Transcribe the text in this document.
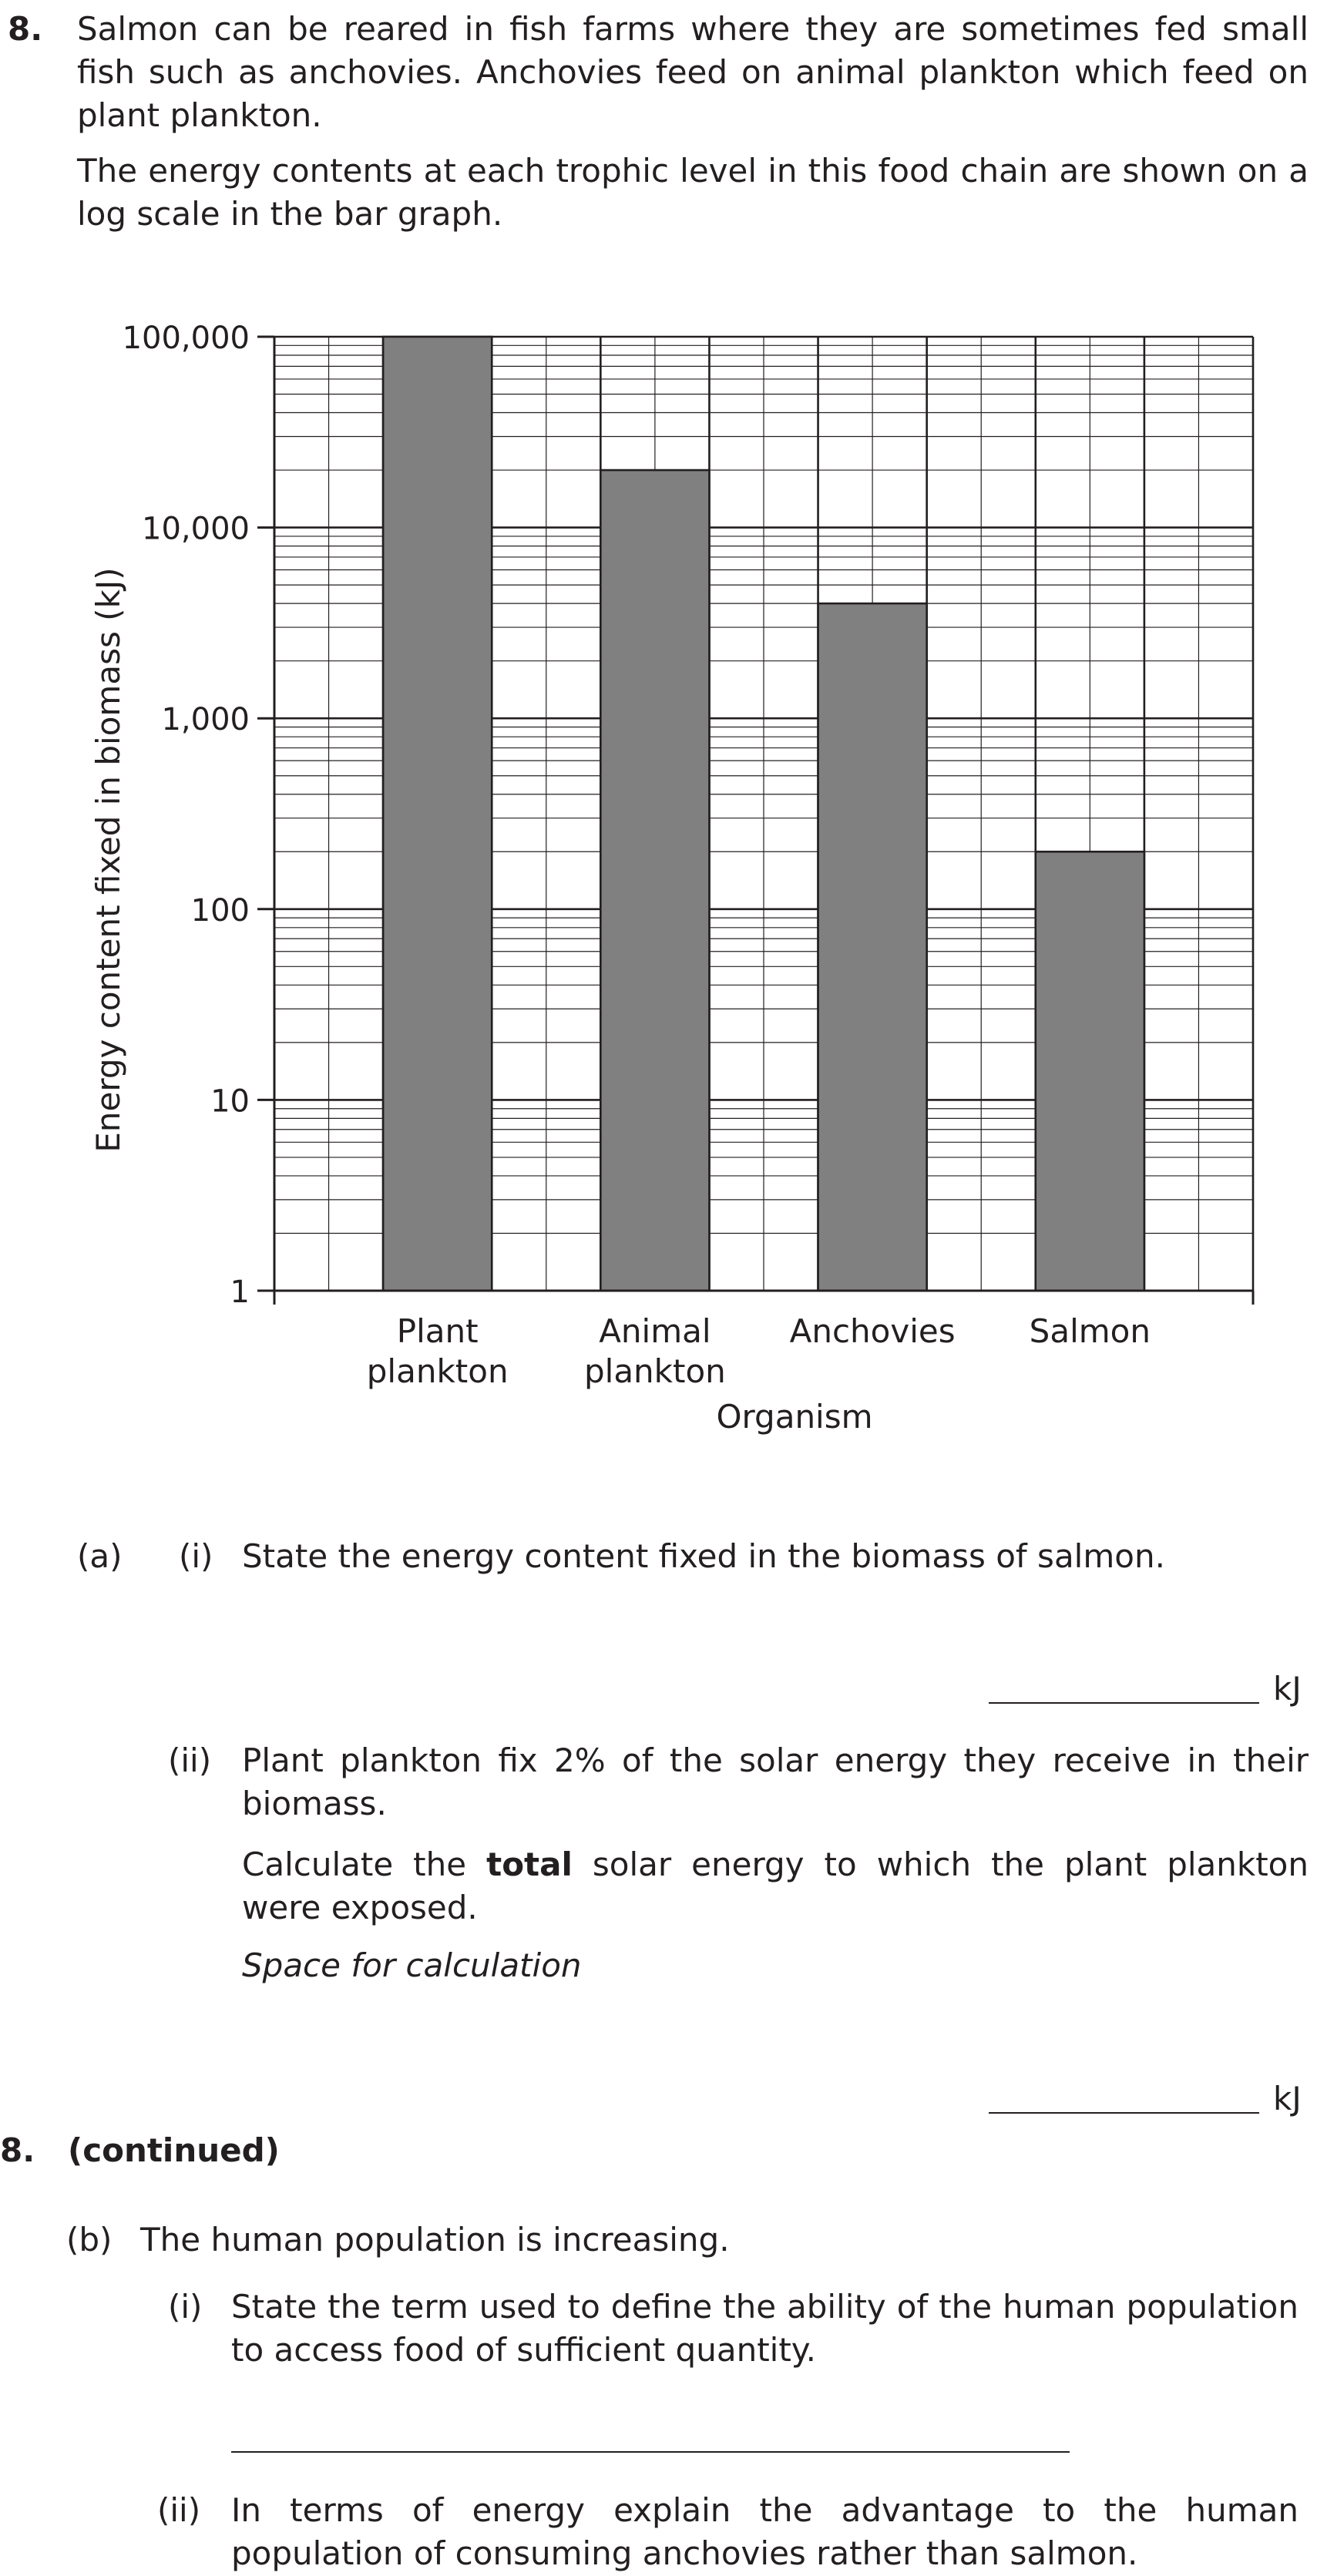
8. Salmon can be reared in fish farms where they are sometimes fed small fish such as anchovies. Anchovies feed on animal plankton which feed on plant plankton.
The energy contents at each trophic level in this food chain are shown on a log scale in the bar graph.
1
10
100
1,000
10,000
100,000
Plant
plankton
Animal
plankton
Anchovies Salmon
Organism
Energy content fixed in biomass (kJ)
(a) (i) State the energy content fixed in the biomass of salmon.
kJ
(ii) Plant plankton fix 2% of the solar energy they receive in their biomass.
Calculate the total solar energy to which the plant plankton were exposed.
Space for calculation
kJ
8. (continued)
(b) The human population is increasing.
(i) State the term used to define the ability of the human population to access food of sufficient quantity.
(ii) In terms of energy explain the advantage to the human population of consuming anchovies rather than salmon.
